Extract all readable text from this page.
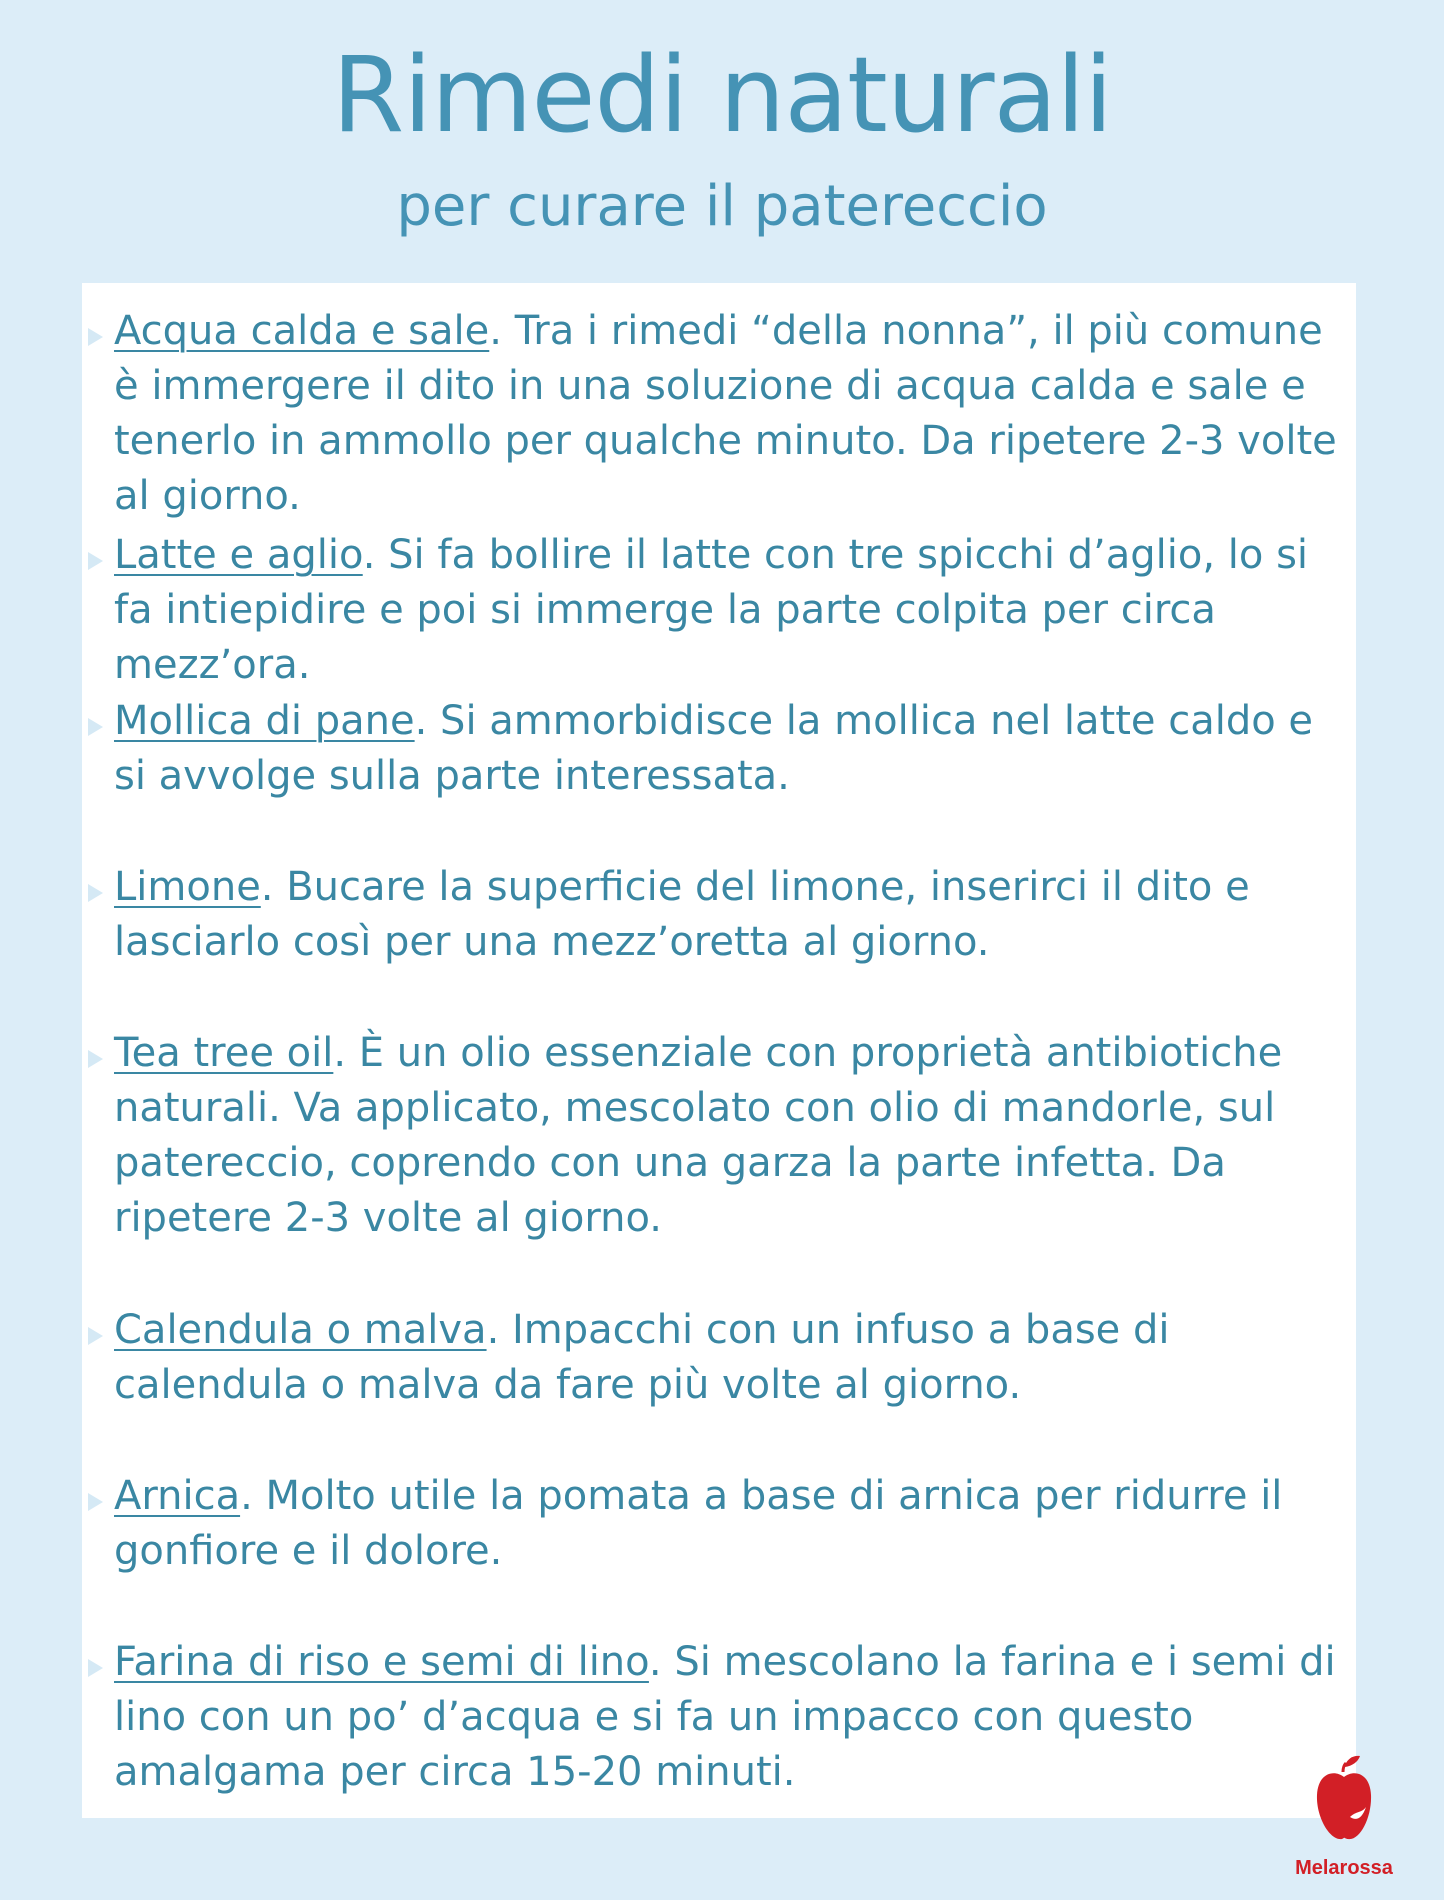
Rimedi naturali
per curare il patereccio
Acqua calda e sale. Tra i rimedi “della nonna”, il più comune è immergere il dito in una soluzione di acqua calda e sale e tenerlo in ammollo per qualche minuto. Da ripetere 2-3 volte al giorno.
Latte e aglio. Si fa bollire il latte con tre spicchi d’aglio, lo si fa intiepidire e poi si immerge la parte colpita per circa mezz’ora.
Mollica di pane. Si ammorbidisce la mollica nel latte caldo e si avvolge sulla parte interessata.
Limone. Bucare la superficie del limone, inserirci il dito e lasciarlo così per una mezz’oretta al giorno.
Tea tree oil. È un olio essenziale con proprietà antibiotiche naturali. Va applicato, mescolato con olio di mandorle, sul patereccio, coprendo con una garza la parte infetta. Da ripetere 2-3 volte al giorno.
Calendula o malva. Impacchi con un infuso a base di calendula o malva da fare più volte al giorno.
Arnica. Molto utile la pomata a base di arnica per ridurre il gonfiore e il dolore.
Farina di riso e semi di lino. Si mescolano la farina e i semi di lino con un po’ d’acqua e si fa un impacco con questo amalgama per circa 15-20 minuti.
Melarossa
